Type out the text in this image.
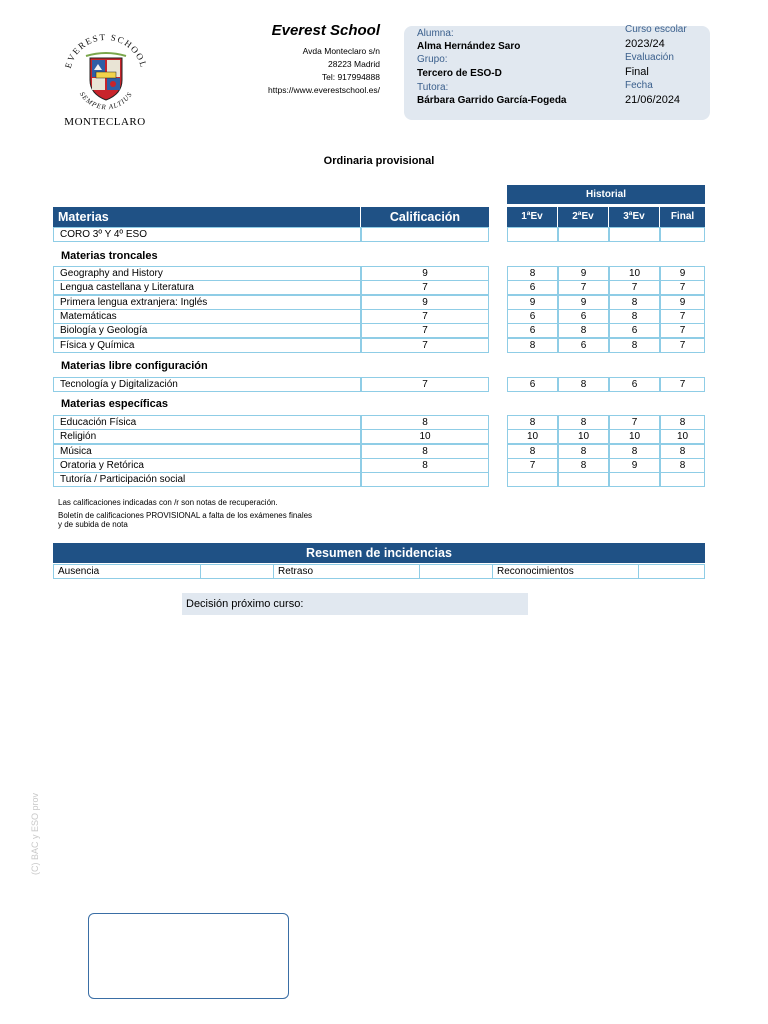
EVEREST SCHOOL
SEMPER ALTIUS
MONTECLARO
Everest School
Avda Monteclaro s/n
28223 Madrid
Tel: 917994888
https://www.everestschool.es/
Alumna:
Alma Hernández Saro
Grupo:
Tercero de ESO-D
Tutora:
Bárbara Garrido García-Fogeda
Curso escolar
2023/24
Evaluación
Final
Fecha
21/06/2024
Ordinaria provisional
Historial
Materias	Calificación	1ªEv	2ªEv	3ªEv	Final
CORO 3º Y 4º ESO
Materias troncales
Materias libre configuración
Materias específicas
Geography and History	9	8	9	10	9
Lengua castellana y Literatura	7	6	7	7	7
Primera lengua extranjera: Inglés	9	9	9	8	9
Matemáticas	7	6	6	8	7
Biología y Geología	7	6	8	6	7
Física y Química	7	8	6	8	7
Tecnología y Digitalización	7	6	8	6	7
Educación Física	8	8	8	7	8
Religión	10	10	10	10	10
Música	8	8	8	8	8
Oratoria y Retórica	8	7	8	9	8
Tutoría / Participación social
Las calificaciones indicadas con /r son notas de recuperación.
Boletín de calificaciones PROVISIONAL a falta de los exámenes finales
y de subida de nota
Resumen de incidencias
Ausencia	Retraso	Reconocimientos
Decisión próximo curso:
(C) BAC y ESO prov
